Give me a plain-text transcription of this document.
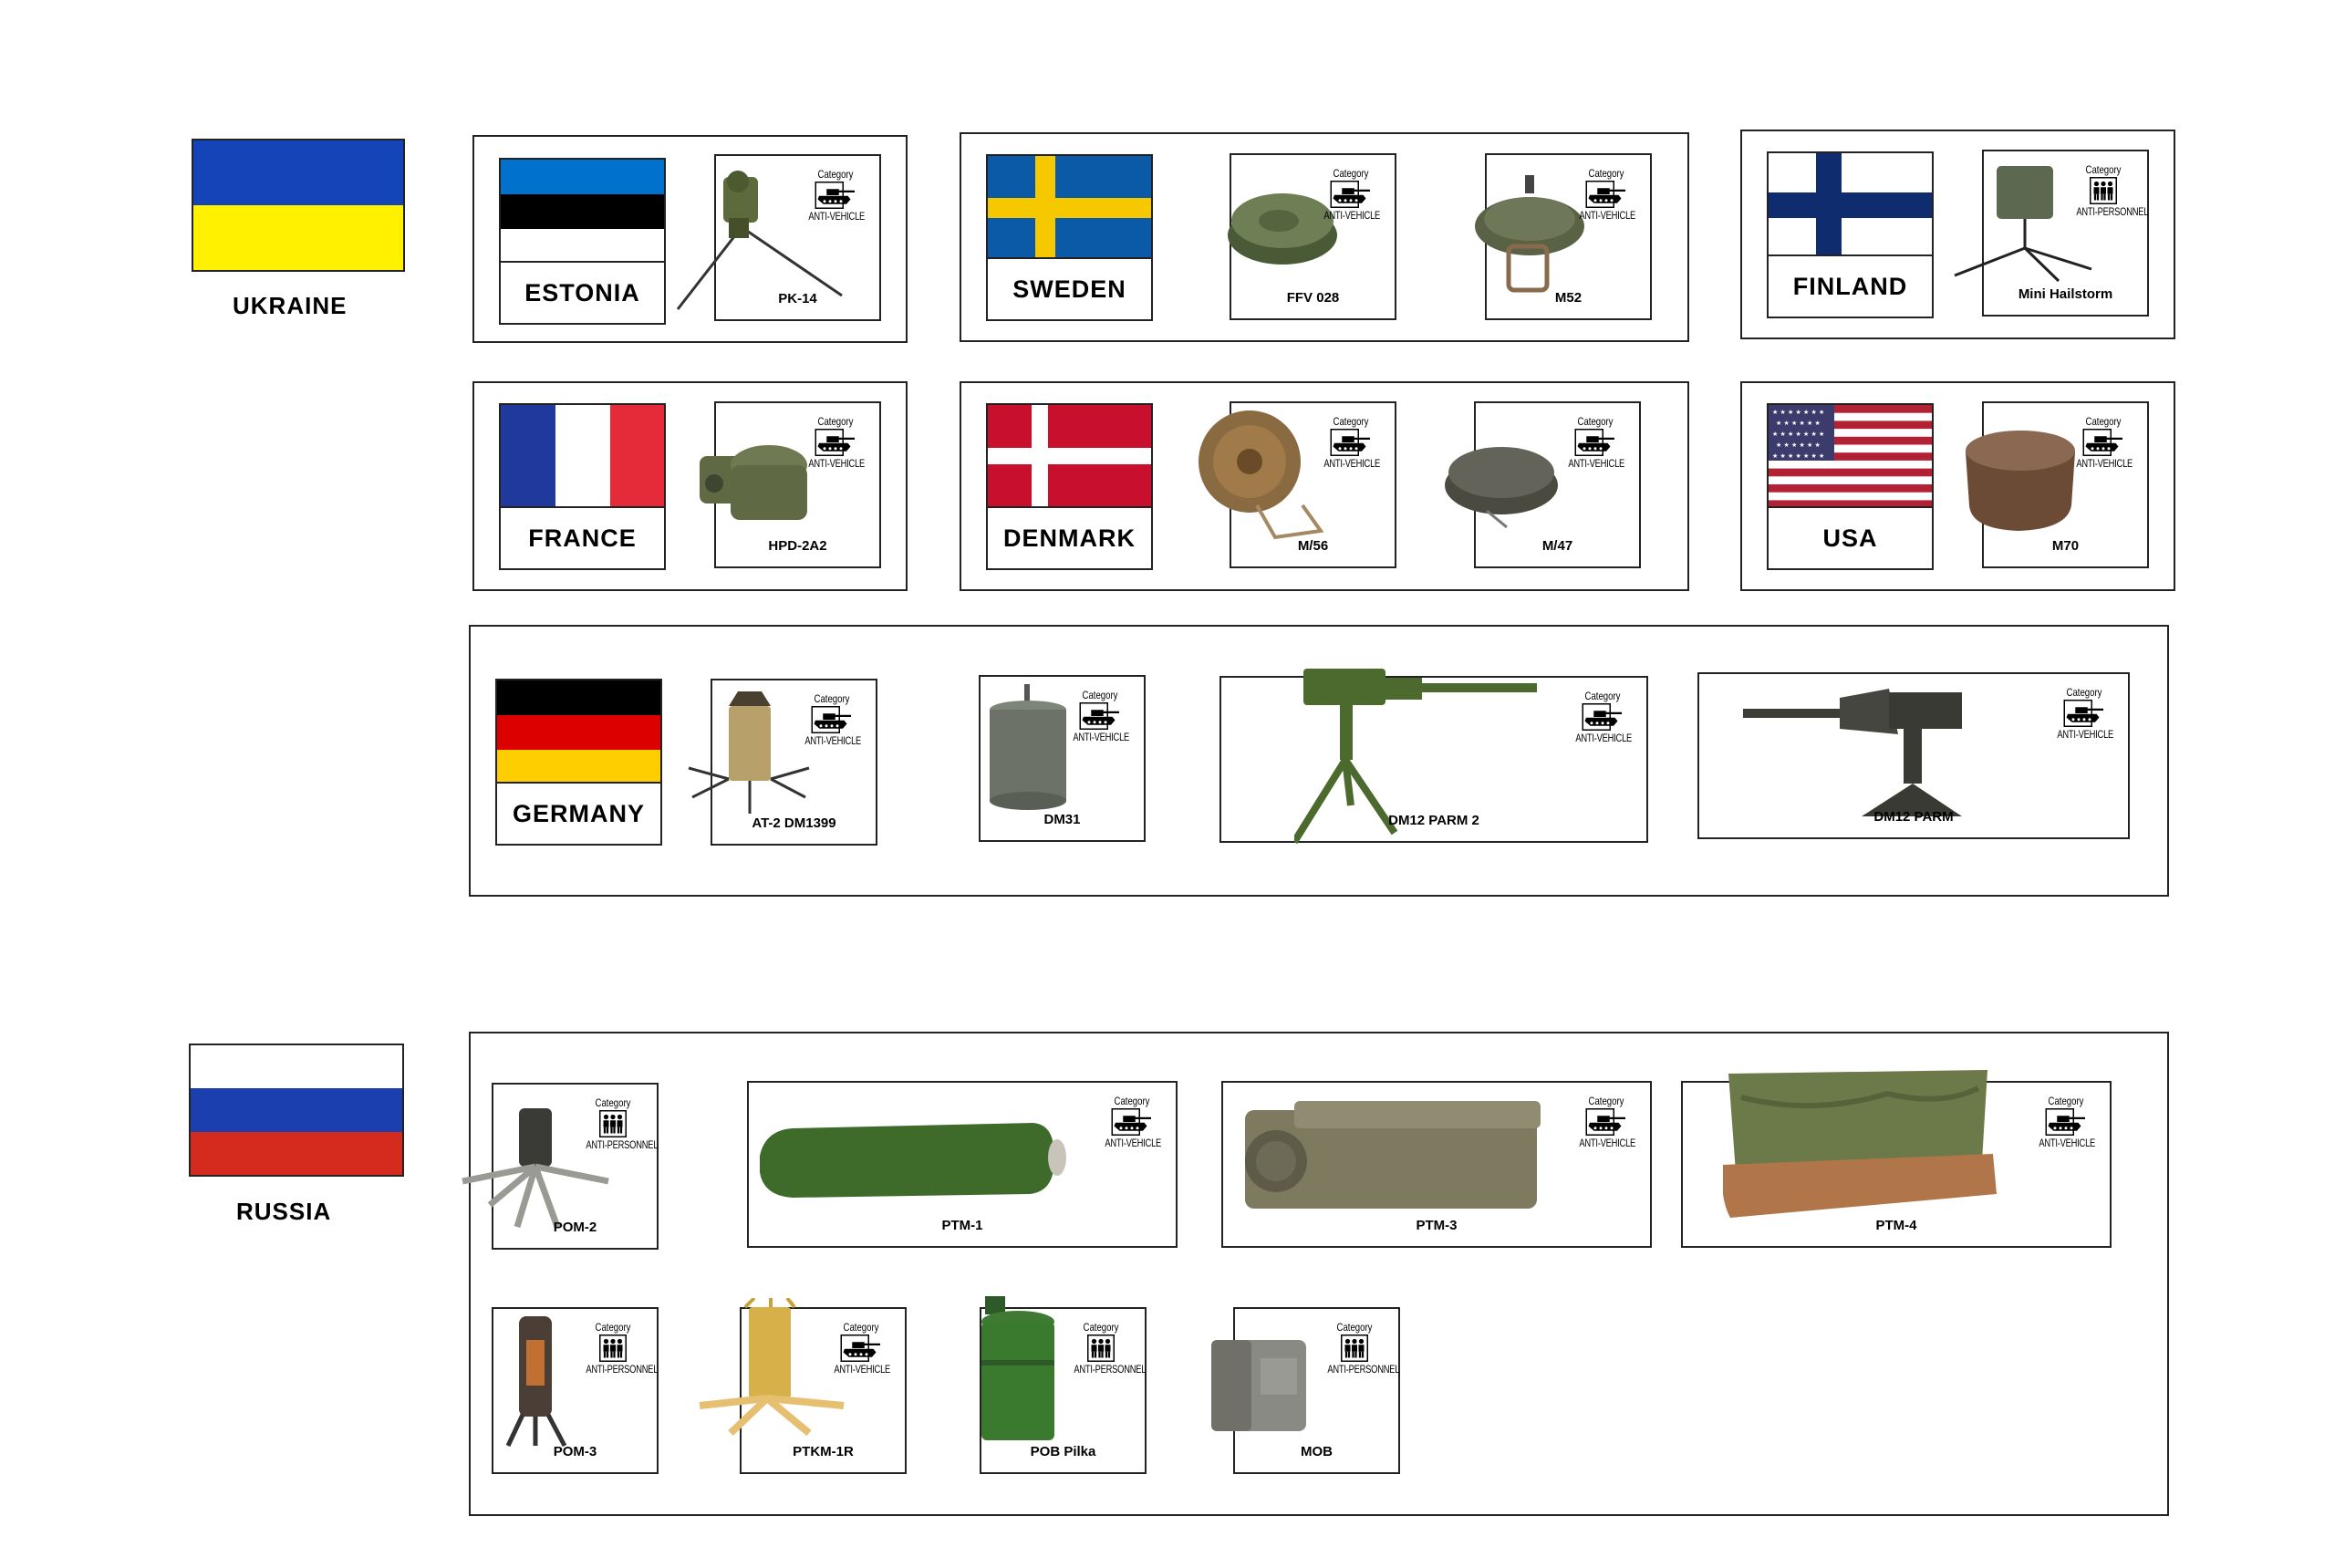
UKRAINE	ESTONIA
Category
ANTI-VEHICLE
PK-14	SWEDEN
Category
ANTI-VEHICLE
FFV 028
Category
ANTI-VEHICLE
M52	FINLAND
Category
ANTI-PERSONNEL
Mini Hailstorm
FRANCE
Category
ANTI-VEHICLE
HPD-2A2	DENMARK
Category
ANTI-VEHICLE
M/56
Category
ANTI-VEHICLE
M/47
★ ★ ★ ★ ★ ★ ★
★ ★ ★ ★ ★ ★
★ ★ ★ ★ ★ ★ ★
★ ★ ★ ★ ★ ★
★ ★ ★ ★ ★ ★ ★
USA
Category
ANTI-VEHICLE
M70
GERMANY
Category
ANTI-VEHICLE
AT-2 DM1399
Category
ANTI-VEHICLE
DM31
Category
ANTI-VEHICLE
DM12 PARM 2
Category
ANTI-VEHICLE
DM12 PARM
RUSSIA
Category
ANTI-PERSONNEL
POM-2
Category
ANTI-VEHICLE
PTM-1
Category
ANTI-VEHICLE
PTM-3
Category
ANTI-VEHICLE
PTM-4
Category
ANTI-PERSONNEL
POM-3
Category
ANTI-VEHICLE
PTKM-1R
Category
ANTI-PERSONNEL
POB Pilka
Category
ANTI-PERSONNEL
MOB
